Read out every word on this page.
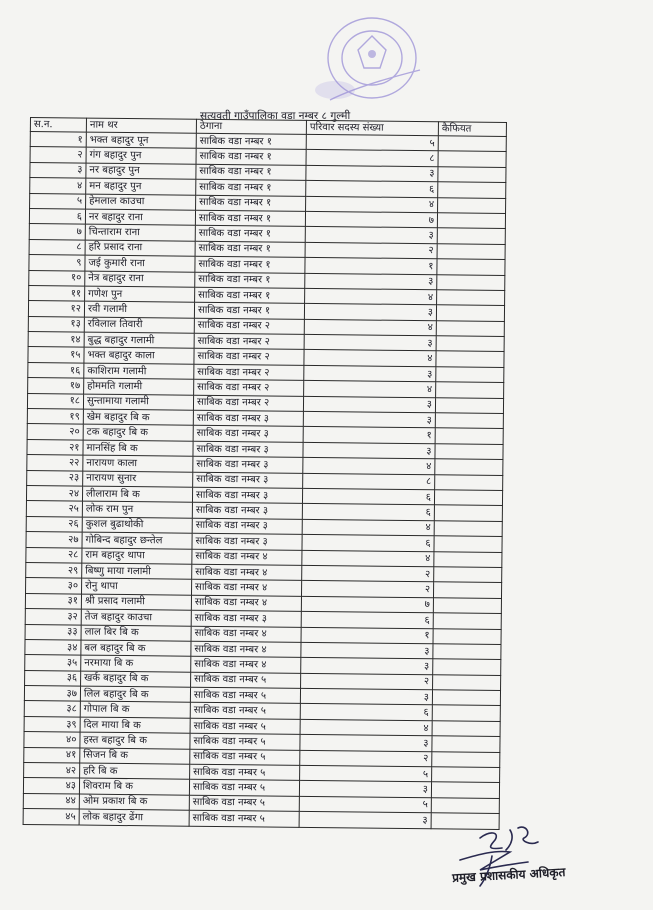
सत्यवती गाउँपालिका वडा नम्बर ८ गुल्मी
स.न.	नाम थर	ठेगाना	परिवार सदस्य संख्या	कैफियत
१	भक्त बहादुर पून	साबिक वडा नम्बर १	५	
२	गंग बहादुर पुन	साबिक वडा नम्बर १	८	
३	नर बहादुर पुन	साबिक वडा नम्बर १	३	
४	मन बहादुर पुन	साबिक वडा नम्बर १	६	
५	हेमलाल काउचा	साबिक वडा नम्बर १	४	
६	नर बहादुर राना	साबिक वडा नम्बर १	७	
७	चिन्ताराम राना	साबिक वडा नम्बर १	३	
८	हरि प्रसाद राना	साबिक वडा नम्बर १	२	
९	जई कुमारी राना	साबिक वडा नम्बर १	१	
१०	नेत्र बहादुर राना	साबिक वडा नम्बर १	३	
११	गणेश पुन	साबिक वडा नम्बर १	४	
१२	रवी गलामी	साबिक वडा नम्बर १	३	
१३	रविलाल तिवारी	साबिक वडा नम्बर २	४	
१४	बुद्ध बहादुर गलामी	साबिक वडा नम्बर २	३	
१५	भक्त बहादुर काला	साबिक वडा नम्बर २	४	
१६	काशिराम गलामी	साबिक वडा नम्बर २	३	
१७	होममति गलामी	साबिक वडा नम्बर २	४	
१८	सुन्तामाया गलामी	साबिक वडा नम्बर २	३	
१९	खेम बहादुर बि क	साबिक वडा नम्बर ३	३	
२०	टक बहादुर बि क	साबिक वडा नम्बर ३	१	
२१	मानसिंह बि क	साबिक वडा नम्बर ३	३	
२२	नारायण काला	साबिक वडा नम्बर ३	४	
२३	नारायण सुनार	साबिक वडा नम्बर ३	८	
२४	लीलाराम बि क	साबिक वडा नम्बर ३	६	
२५	लोक राम पुन	साबिक वडा नम्बर ३	६	
२६	कुशल बुढाथोकी	साबिक वडा नम्बर ३	४	
२७	गोबिन्द बहादुर छन्तेल	साबिक वडा नम्बर ३	६	
२८	राम बहादुर थापा	साबिक वडा नम्बर ४	४	
२९	बिष्णु माया गलामी	साबिक वडा नम्बर ४	२	
३०	रोनु थापा	साबिक वडा नम्बर ४	२	
३१	श्री प्रसाद गलामी	साबिक वडा नम्बर ४	७	
३२	तेज बहादुर काउचा	साबिक वडा नम्बर ३	६	
३३	लाल बिर बि क	साबिक वडा नम्बर ४	१	
३४	बल बहादुर बि क	साबिक वडा नम्बर ४	३	
३५	नरमाया बि क	साबिक वडा नम्बर ४	३	
३६	खर्क बहादुर बि क	साबिक वडा नम्बर ५	२	
३७	लिल बहादुर बि क	साबिक वडा नम्बर ५	३	
३८	गोपाल बि क	साबिक वडा नम्बर ५	६	
३९	दिल माया बि क	साबिक वडा नम्बर ५	४	
४०	हस्त बहादुर बि क	साबिक वडा नम्बर ५	३	
४१	सिजन बि क	साबिक वडा नम्बर ५	२	
४२	हरि बि क	साबिक वडा नम्बर ५	५	
४३	शिवराम बि क	साबिक वडा नम्बर ५	३	
४४	ओम प्रकाश बि क	साबिक वडा नम्बर ५	५	
४५	लोक बहादुर ढेंगा	साबिक वडा नम्बर ५	३	
प्रमुख प्रशासकीय अधिकृत
